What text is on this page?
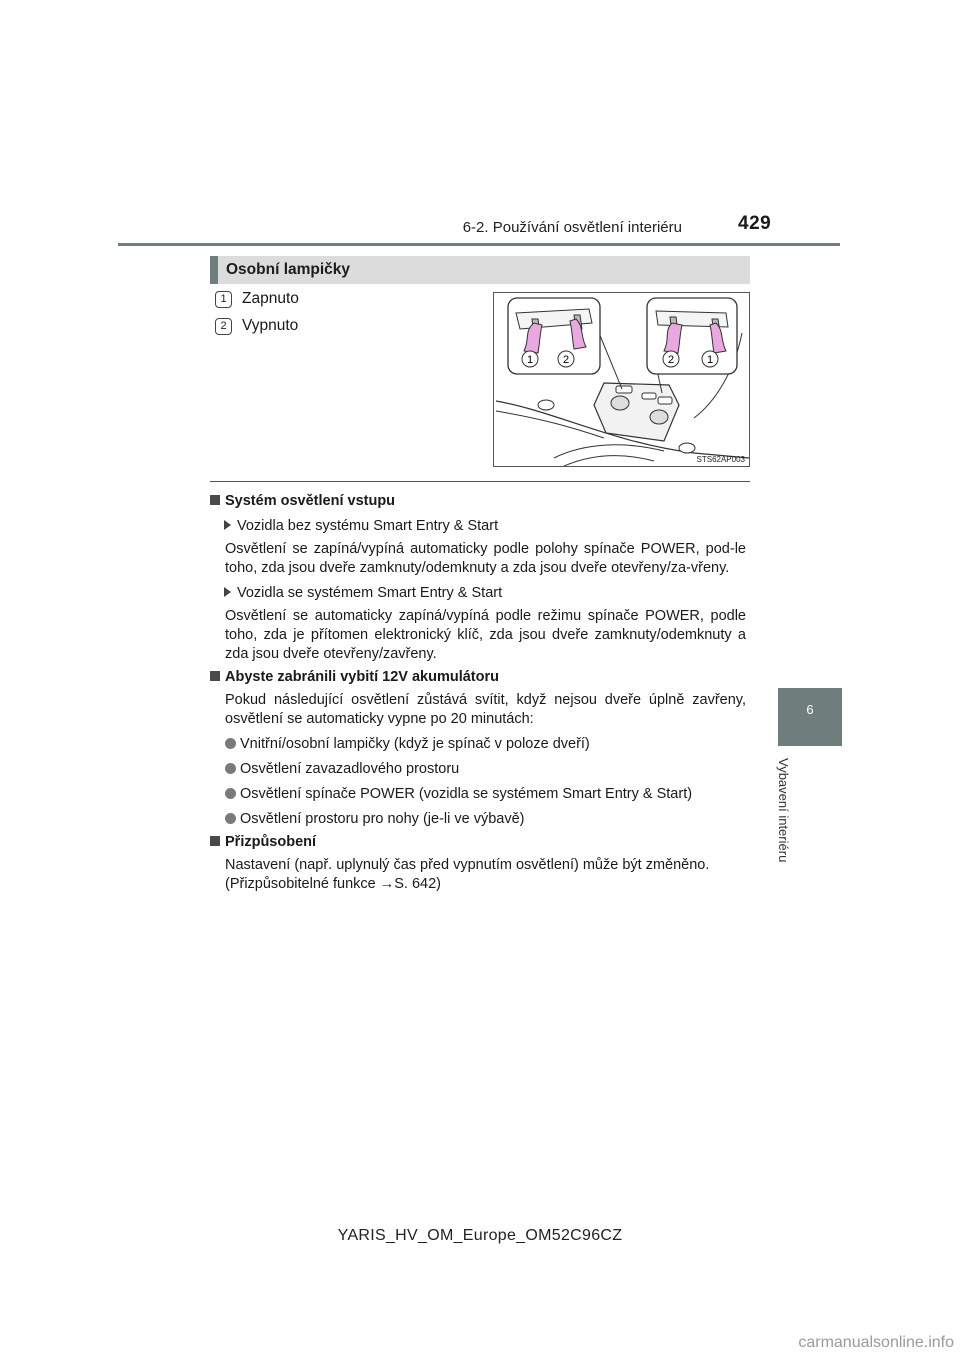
6-2. Používání osvětlení interiéru	429
6
Vybavení interiéru
Osobní lampičky
1 Zapnuto
2 Vypnuto
1	2	2	1
STS62AP003
Systém osvětlení vstupu
Vozidla bez systému Smart Entry & Start
Osvětlení se zapíná/vypíná automaticky podle polohy spínače POWER, pod-le toho, zda jsou dveře zamknuty/odemknuty a zda jsou dveře otevřeny/za-vřeny.
Vozidla se systémem Smart Entry & Start
Osvětlení se automaticky zapíná/vypíná podle režimu spínače POWER, podle toho, zda je přítomen elektronický klíč, zda jsou dveře zamknuty/odemknuty a zda jsou dveře otevřeny/zavřeny.
Abyste zabránili vybití 12V akumulátoru
Pokud následující osvětlení zůstává svítit, když nejsou dveře úplně zavřeny, osvětlení se automaticky vypne po 20 minutách:
Vnitřní/osobní lampičky (když je spínač v poloze dveří)
Osvětlení zavazadlového prostoru
Osvětlení spínače POWER (vozidla se systémem Smart Entry & Start)
Osvětlení prostoru pro nohy (je-li ve výbavě)
Přizpůsobení
Nastavení (např. uplynulý čas před vypnutím osvětlení) může být změněno.
(Přizpůsobitelné funkce →S. 642)
YARIS_HV_OM_Europe_OM52C96CZ
carmanualsonline.info
